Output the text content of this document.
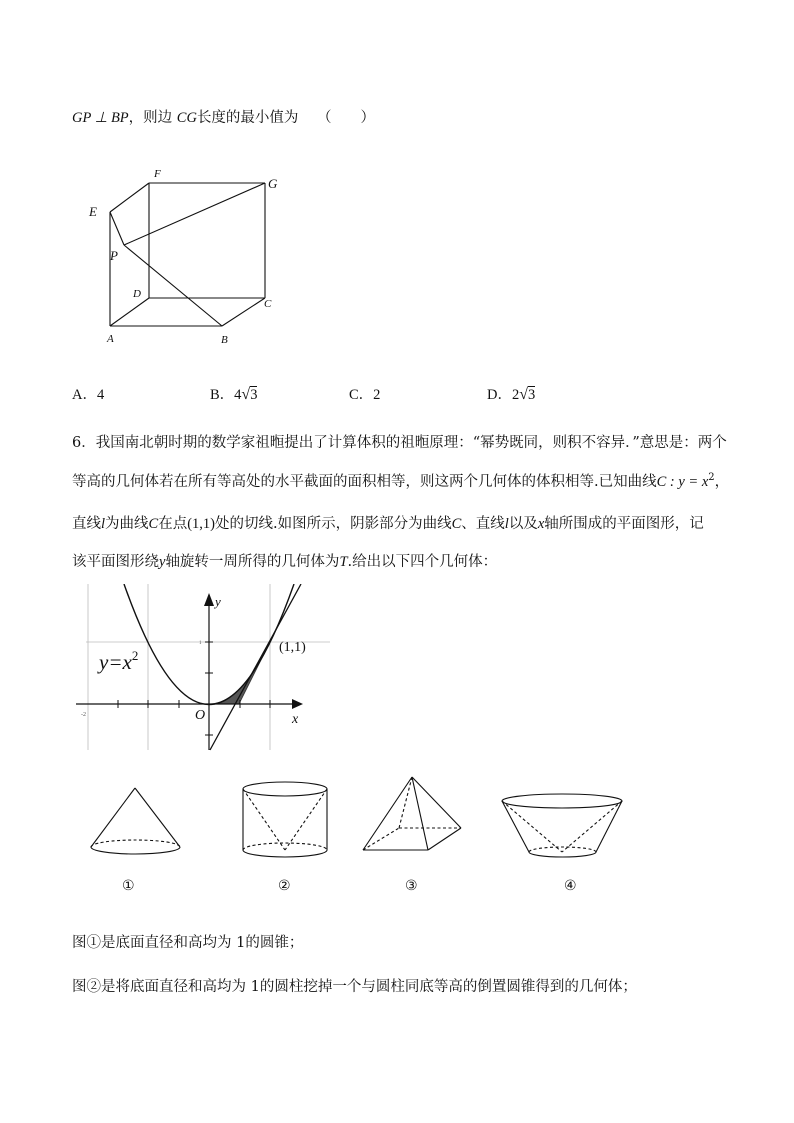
GP ⊥ BP，则边 CG长度的最小值为 （　　）
E
F
G
P
D
C
A	B
A．4	B．4√3	C．2	D．2√3
6．我国南北朝时期的数学家祖暅提出了计算体积的祖暅原理：“幂势既同，则积不容异．”意思是：两个
等高的几何体若在所有等高处的水平截面的面积相等，则这两个几何体的体积相等.已知曲线C : $y = x^2$，
直线l为曲线C在点(1,1)处的切线.如图所示，阴影部分为曲线C、直线l以及x轴所围成的平面图形，记
该平面图形绕y轴旋转一周所得的几何体为T.给出以下四个几何体：
$y=x^2$
(1,1)
O	x
y
-2
1
①	②	③	④
图①是底面直径和高均为 1的圆锥；
图②是将底面直径和高均为 1的圆柱挖掉一个与圆柱同底等高的倒置圆锥得到的几何体；
